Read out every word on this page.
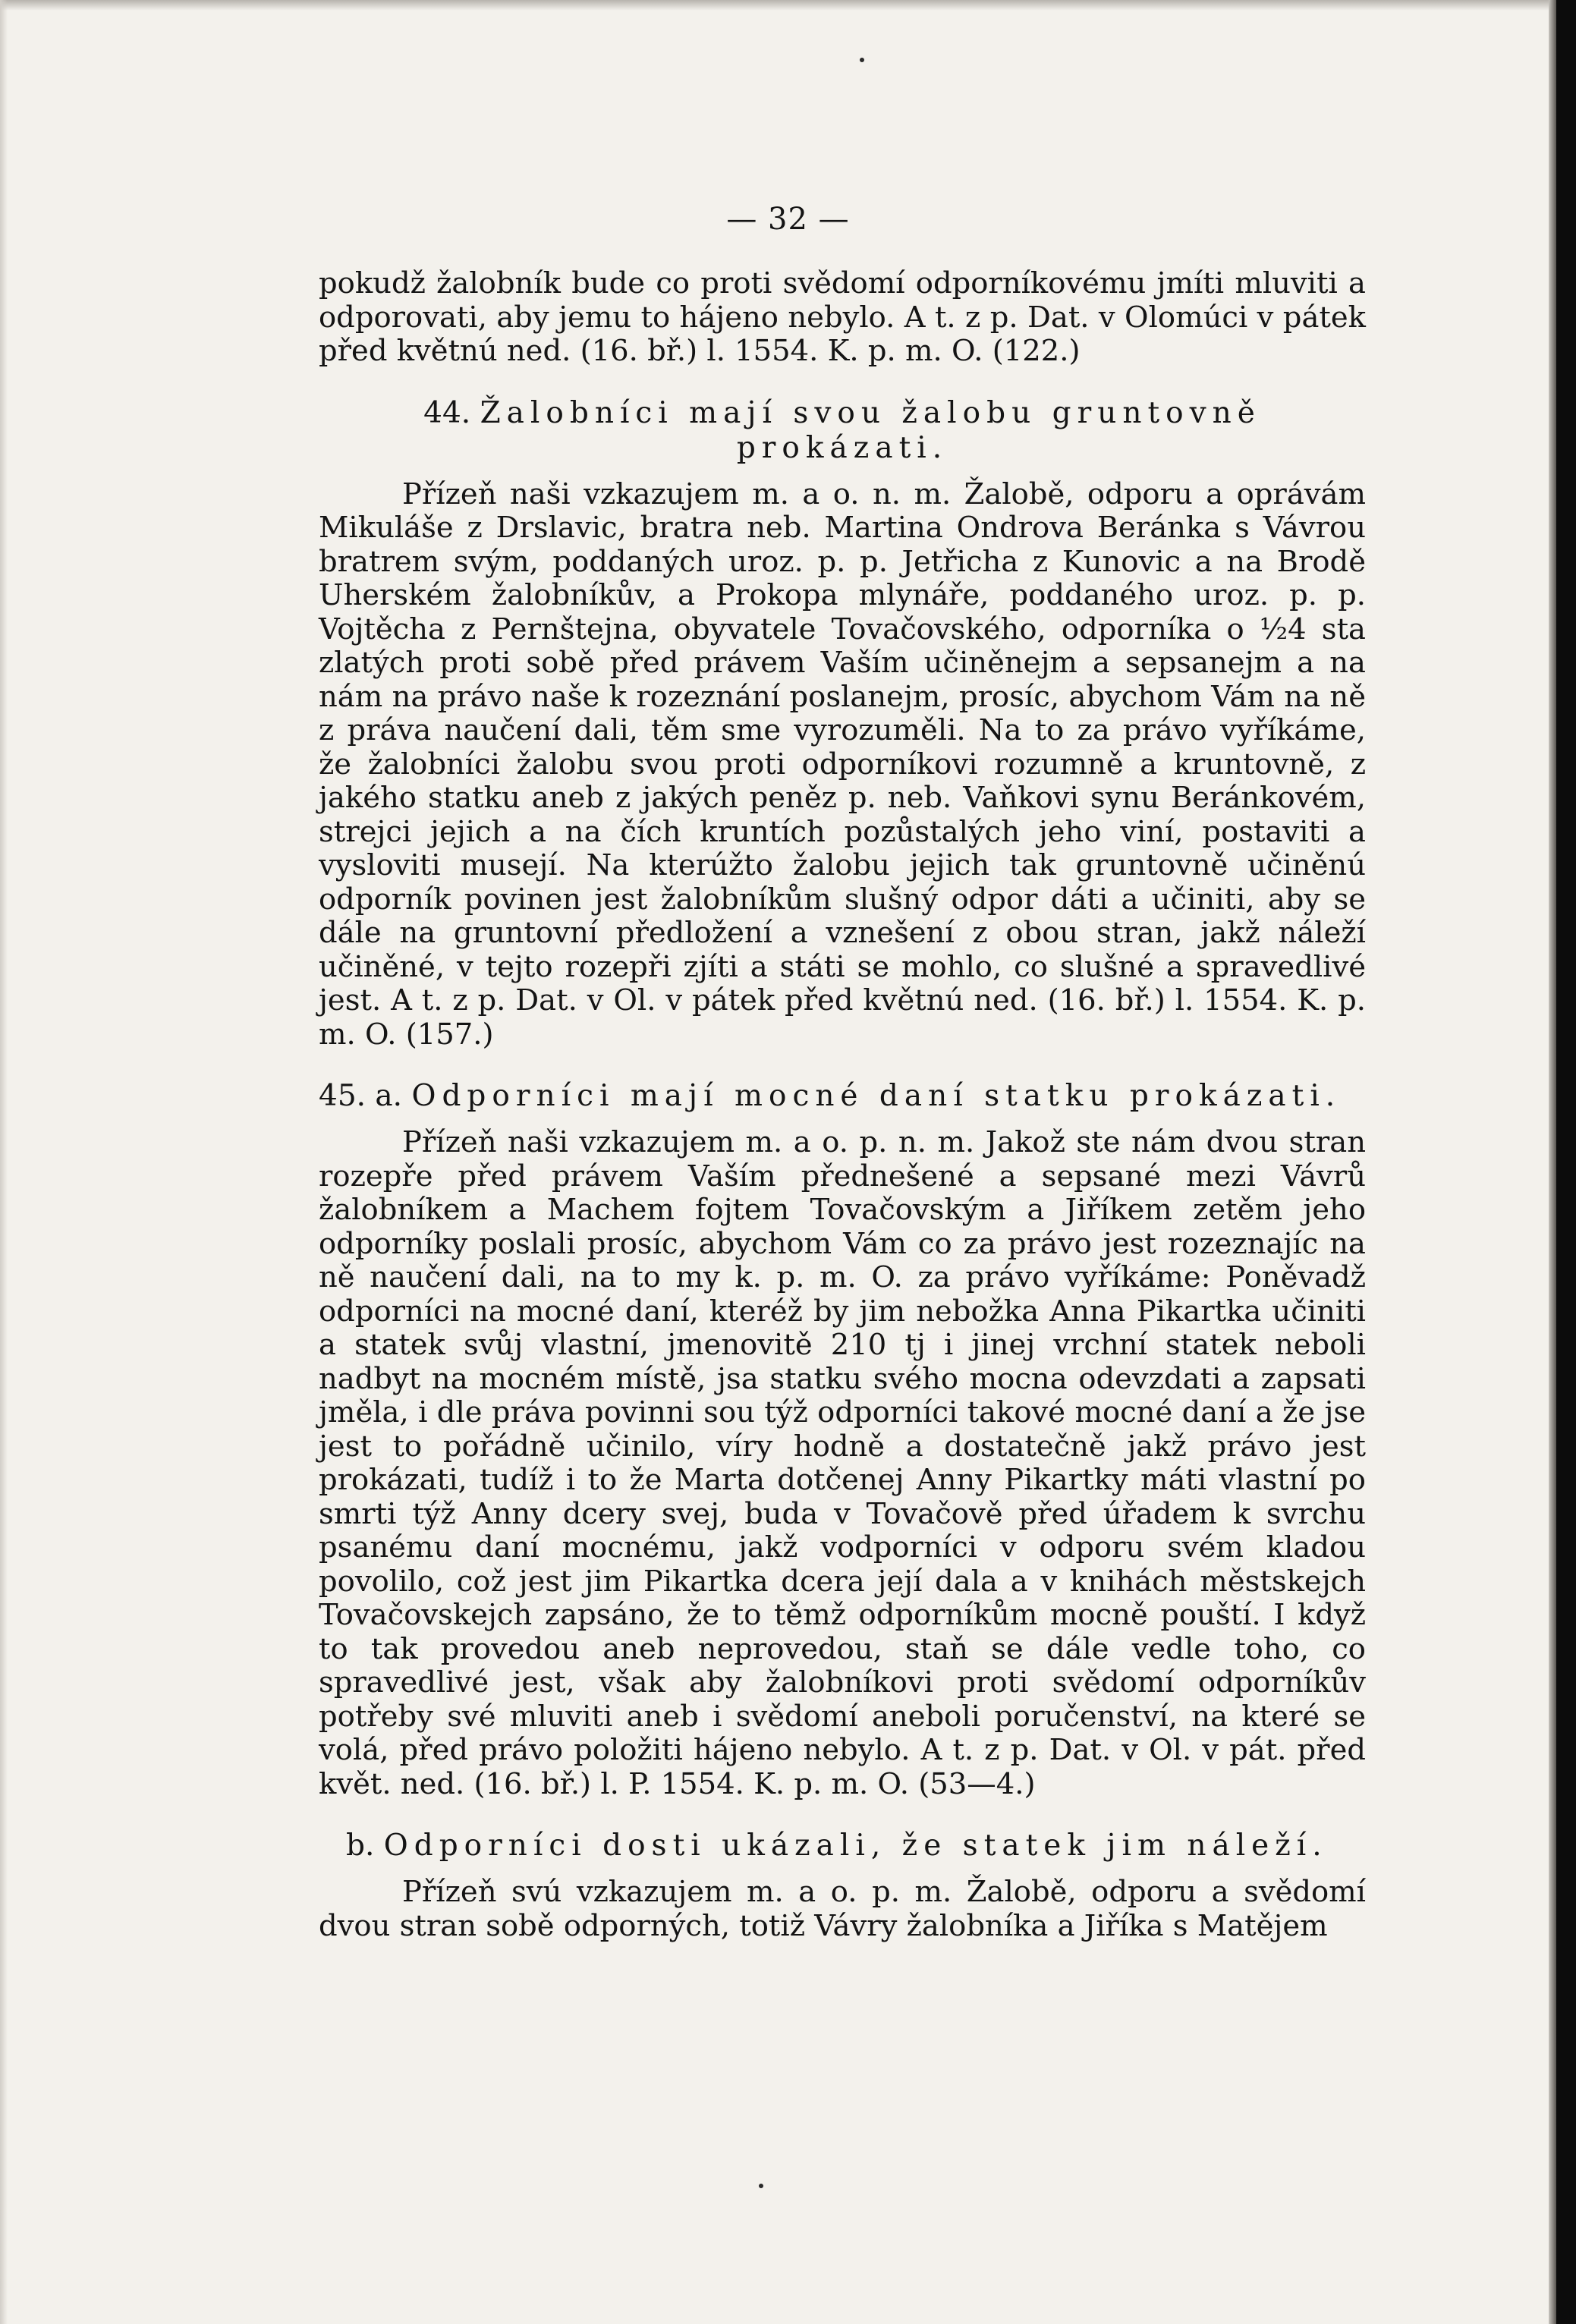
— 32 —

pokudž žalobník bude co proti svědomí odporníkovému jmíti mluviti a odporovati, aby jemu to hájeno nebylo. A t. z p. Dat. v Olomúci v pátek před květnú ned. (16. bř.) l. 1554. K. p. m. O. (122.)

44. Žalobníci mají svou žalobu gruntovně prokázati.

Přízeň naši vzkazujem m. a o. n. m. Žalobě, odporu a oprávám Mikuláše z Drslavic, bratra neb. Martina Ondrova Beránka s Vávrou bratrem svým, poddaných uroz. p. p. Jetřicha z Kunovic a na Brodě Uherském žalobníkův, a Prokopa mlynáře, poddaného uroz. p. p. Vojtěcha z Pernštejna, obyvatele Tovačovského, odporníka o ½4 sta zlatých proti sobě před právem Vaším učiněnejm a sepsanejm a na nám na právo naše k rozeznání poslanejm, prosíc, abychom Vám na ně z práva naučení dali, těm sme vyrozuměli. Na to za právo vyříkáme, že žalobníci žalobu svou proti odporníkovi rozumně a kruntovně, z jakého statku aneb z jakých peněz p. neb. Vaňkovi synu Beránkovém, strejci jejich a na čích kruntích pozůstalých jeho viní, postaviti a vysloviti musejí. Na kterúžto žalobu jejich tak gruntovně učiněnú odporník povinen jest žalobníkům slušný odpor dáti a učiniti, aby se dále na gruntovní předložení a vznešení z obou stran, jakž náleží učiněné, v tejto rozepři zjíti a státi se mohlo, co slušné a spravedlivé jest. A t. z p. Dat. v Ol. v pátek před květnú ned. (16. bř.) l. 1554. K. p. m. O. (157.)

45. a. Odporníci mají mocné daní statku prokázati.

Přízeň naši vzkazujem m. a o. p. n. m. Jakož ste nám dvou stran rozepře před právem Vaším přednešené a sepsané mezi Vávrů žalobníkem a Machem fojtem Tovačovským a Jiříkem zetěm jeho odporníky poslali prosíc, abychom Vám co za právo jest rozeznajíc na ně naučení dali, na to my k. p. m. O. za právo vyříkáme: Poněvadž odporníci na mocné daní, kteréž by jim nebožka Anna Pikartka učiniti a statek svůj vlastní, jmenovitě 210 tj i jinej vrchní statek neboli nadbyt na mocném místě, jsa statku svého mocna odevzdati a zapsati jměla, i dle práva povinni sou týž odporníci takové mocné daní a že jse jest to pořádně učinilo, víry hodně a dostatečně jakž právo jest prokázati, tudíž i to že Marta dotčenej Anny Pikartky máti vlastní po smrti týž Anny dcery svej, buda v Tovačově před úřadem k svrchu psanému daní mocnému, jakž vodporníci v odporu svém kladou povolilo, což jest jim Pikartka dcera její dala a v knihách městskejch Tovačovskejch zapsáno, že to těmž odporníkům mocně pouští. I když to tak provedou aneb neprovedou, staň se dále vedle toho, co spravedlivé jest, však aby žalobníkovi proti svědomí odporníkův potřeby své mluviti aneb i svědomí aneboli poručenství, na které se volá, před právo položiti hájeno nebylo. A t. z p. Dat. v Ol. v pát. před květ. ned. (16. bř.) l. P. 1554. K. p. m. O. (53—4.)

b. Odporníci dosti ukázali, že statek jim náleží.

Přízeň svú vzkazujem m. a o. p. m. Žalobě, odporu a svědomí dvou stran sobě odporných, totiž Vávry žalobníka a Jiříka s Matějem
